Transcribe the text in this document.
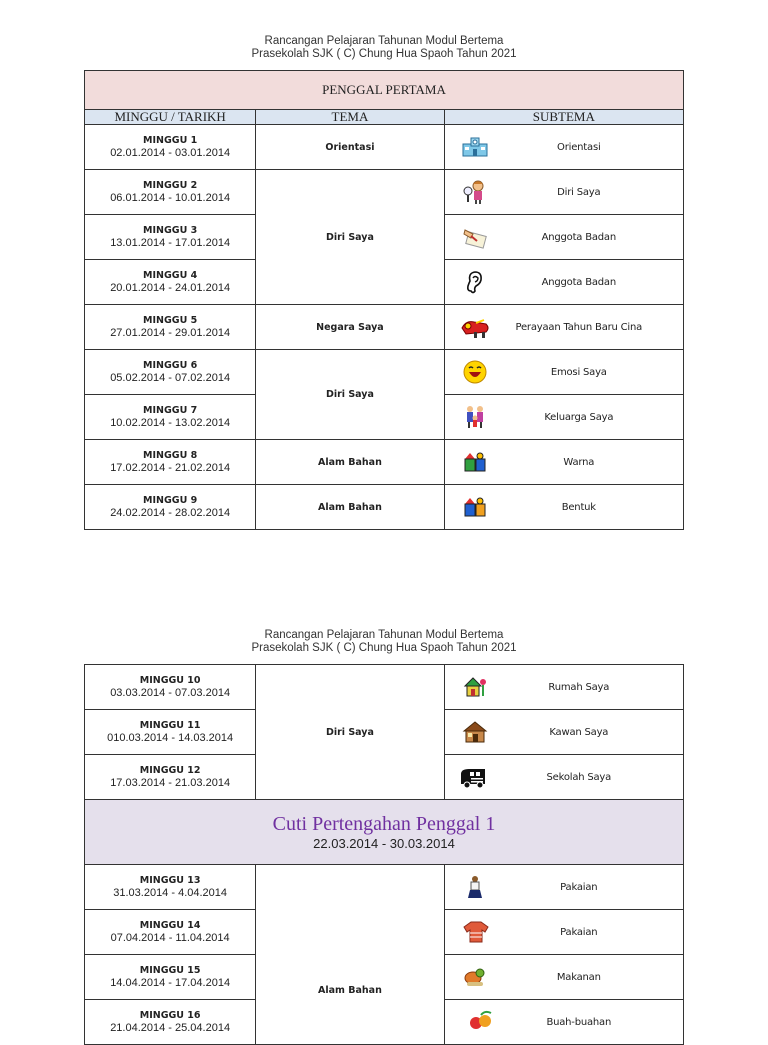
Rancangan Pelajaran Tahunan Modul Bertema
Prasekolah SJK ( C) Chung Hua Spaoh Tahun 2021
PENGGAL PERTAMA		
MINGGU / TARIKH	TEMA	SUBTEMA

MINGGU 1
02.01.2014 - 03.01.2014	Orientasi	Orientasi

MINGGU 2
06.01.2014 - 10.01.2014	Diri Saya	Diri Saya

MINGGU 3
13.01.2014 - 17.01.2014		Anggota Badan

MINGGU 4
20.01.2014 - 24.01.2014		Anggota Badan

MINGGU 5
27.01.2014 - 29.01.2014	Negara Saya	Perayaan Tahun Baru Cina

MINGGU 6
05.02.2014 - 07.02.2014	Diri Saya	Emosi Saya

MINGGU 7
10.02.2014 - 13.02.2014		Keluarga Saya

MINGGU 8
17.02.2014 - 21.02.2014	Alam Bahan	Warna

MINGGU 9
24.02.2014 - 28.02.2014	Alam Bahan	Bentuk
Rancangan Pelajaran Tahunan Modul Bertema
Prasekolah SJK ( C) Chung Hua Spaoh Tahun 2021
MINGGU 10
03.03.2014 - 07.03.2014	Diri Saya	Rumah Saya

MINGGU 11
010.03.2014 - 14.03.2014		Kawan Saya

MINGGU 12
17.03.2014 - 21.03.2014		Sekolah Saya

Cuti Pertengahan Penggal 1
22.03.2014 - 30.03.2014		

MINGGU 13
31.03.2014 - 4.04.2014	Alam Bahan	Pakaian

MINGGU 14
07.04.2014 - 11.04.2014		Pakaian

MINGGU 15
14.04.2014 - 17.04.2014		Makanan

MINGGU 16
21.04.2014 - 25.04.2014		Buah-buahan
